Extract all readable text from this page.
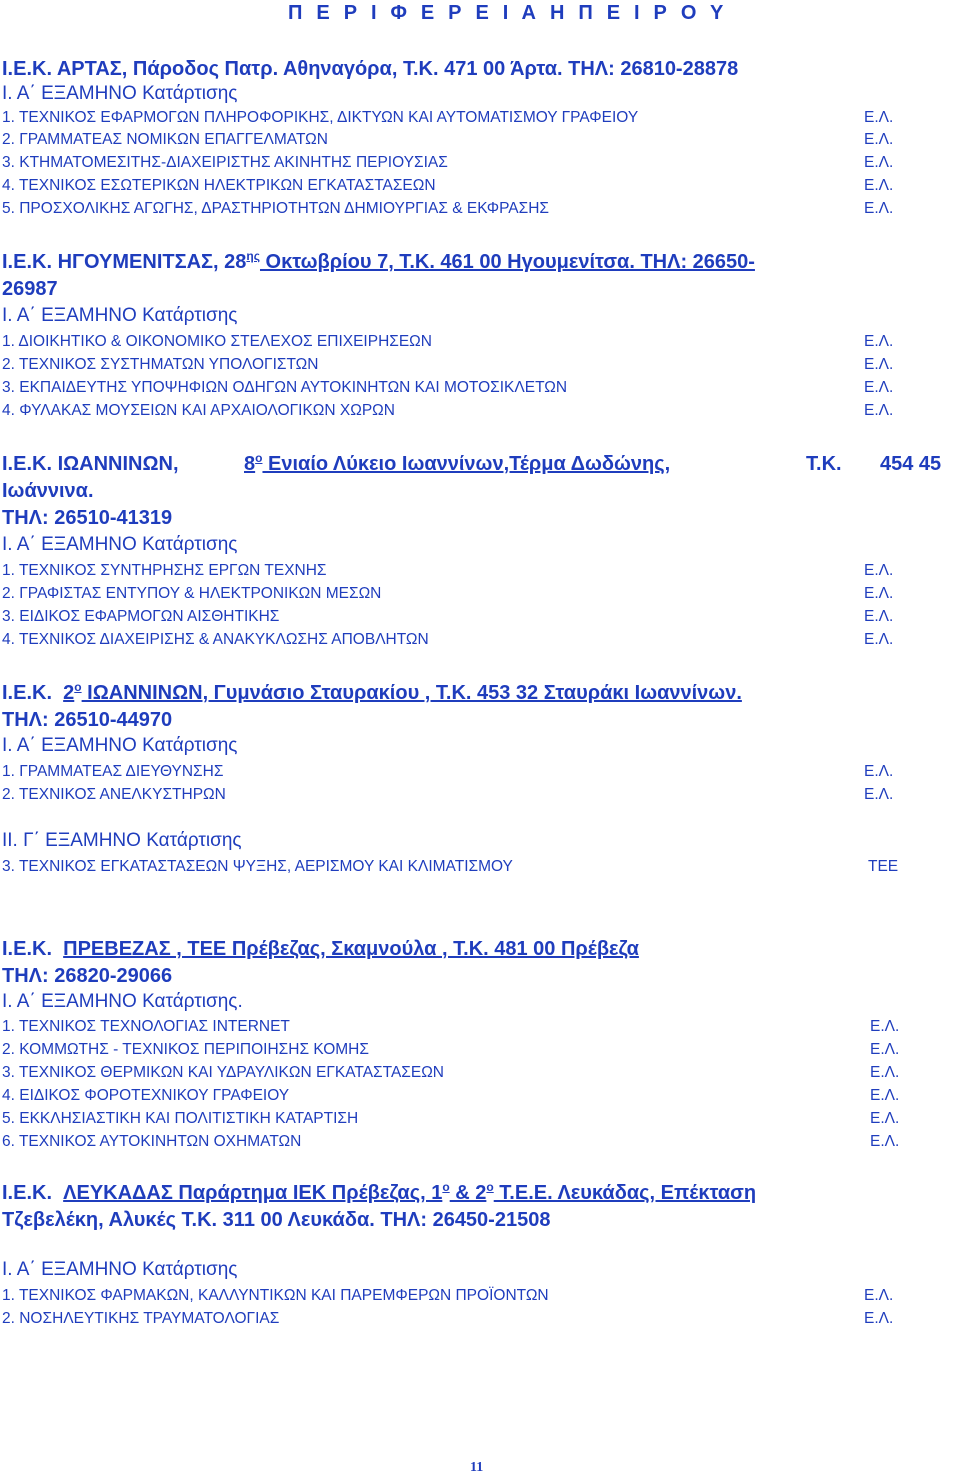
Π Ε Ρ Ι Φ Ε Ρ Ε Ι Α Η Π Ε Ι Ρ Ο Υ
Ι.Ε.Κ. ΑΡΤΑΣ, Πάροδος Πατρ. Αθηναγόρα, Τ.Κ. 471 00 Άρτα. ΤΗΛ: 26810-28878
Ι. Α΄ ΕΞΑΜΗΝΟ Κατάρτισης
1. ΤΕΧΝΙΚΟΣ ΕΦΑΡΜΟΓΩΝ ΠΛΗΡΟΦΟΡΙΚΗΣ, ΔΙΚΤΥΩΝ ΚΑΙ ΑΥΤΟΜΑΤΙΣΜΟΥ ΓΡΑΦΕΙΟΥ	Ε.Λ.
2. ΓΡΑΜΜΑΤΕΑΣ ΝΟΜΙΚΩΝ ΕΠΑΓΓΕΛΜΑΤΩΝ	Ε.Λ.
3. ΚΤΗΜΑΤΟΜΕΣΙΤΗΣ-ΔΙΑΧΕΙΡΙΣΤΗΣ ΑΚΙΝΗΤΗΣ ΠΕΡΙΟΥΣΙΑΣ	Ε.Λ.
4. ΤΕΧΝΙΚΟΣ ΕΣΩΤΕΡΙΚΩΝ ΗΛΕΚΤΡΙΚΩΝ ΕΓΚΑΤΑΣΤΑΣΕΩΝ	Ε.Λ.
5. ΠΡΟΣΧΟΛΙΚΗΣ ΑΓΩΓΗΣ, ΔΡΑΣΤΗΡΙΟΤΗΤΩΝ ΔΗΜΙΟΥΡΓΙΑΣ & ΕΚΦΡΑΣΗΣ	Ε.Λ.
Ι.Ε.Κ. ΗΓΟΥΜΕΝΙΤΣΑΣ, $28^{\eta\varsigma}$ Οκτωβρίου 7, Τ.Κ. 461 00 Ηγουμενίτσα. ΤΗΛ: 26650-
26987
Ι. Α΄ ΕΞΑΜΗΝΟ Κατάρτισης
1. ΔΙΟΙΚΗΤΙΚΟ & ΟΙΚΟΝΟΜΙΚΟ ΣΤΕΛΕΧΟΣ ΕΠΙΧΕΙΡΗΣΕΩΝ	Ε.Λ.
2. ΤΕΧΝΙΚΟΣ ΣΥΣΤΗΜΑΤΩΝ ΥΠΟΛΟΓΙΣΤΩΝ	Ε.Λ.
3. ΕΚΠΑΙΔΕΥΤΗΣ ΥΠΟΨΗΦΙΩΝ ΟΔΗΓΩΝ ΑΥΤΟΚΙΝΗΤΩΝ ΚΑΙ ΜΟΤΟΣΙΚΛΕΤΩΝ	Ε.Λ.
4. ΦΥΛΑΚΑΣ ΜΟΥΣΕΙΩΝ ΚΑΙ ΑΡΧΑΙΟΛΟΓΙΚΩΝ ΧΩΡΩΝ	Ε.Λ.
Ι.Ε.Κ. ΙΩΑΝΝΙΝΩΝ,	$8^o$ Ενιαίο Λύκειο Ιωαννίνων,Τέρμα Δωδώνης,	Τ.Κ. 454 45
Ιωάννινα.
ΤΗΛ: 26510-41319
Ι. Α΄ ΕΞΑΜΗΝΟ Κατάρτισης
1. ΤΕΧΝΙΚΟΣ ΣΥΝΤΗΡΗΣΗΣ ΕΡΓΩΝ ΤΕΧΝΗΣ	Ε.Λ.
2. ΓΡΑΦΙΣΤΑΣ ΕΝΤΥΠΟΥ & ΗΛΕΚΤΡΟΝΙΚΩΝ ΜΕΣΩΝ	Ε.Λ.
3. ΕΙΔΙΚΟΣ ΕΦΑΡΜΟΓΩΝ ΑΙΣΘΗΤΙΚΗΣ	Ε.Λ.
4. ΤΕΧΝΙΚΟΣ ΔΙΑΧΕΙΡΙΣΗΣ & ΑΝΑΚΥΚΛΩΣΗΣ ΑΠΟΒΛΗΤΩΝ	Ε.Λ.
Ι.Ε.Κ. $2^o$ ΙΩΑΝΝΙΝΩΝ, Γυμνάσιο Σταυρακίου , Τ.Κ. 453 32 Σταυράκι Ιωαννίνων.
ΤΗΛ: 26510-44970
Ι. Α΄ ΕΞΑΜΗΝΟ Κατάρτισης
1. ΓΡΑΜΜΑΤΕΑΣ ΔΙΕΥΘΥΝΣΗΣ	Ε.Λ.
2. ΤΕΧΝΙΚΟΣ ΑΝΕΛΚΥΣΤΗΡΩΝ	Ε.Λ.
ΙΙ. Γ΄ ΕΞΑΜΗΝΟ Κατάρτισης
3. ΤΕΧΝΙΚΟΣ ΕΓΚΑΤΑΣΤΑΣΕΩΝ ΨΥΞΗΣ, ΑΕΡΙΣΜΟΥ ΚΑΙ ΚΛΙΜΑΤΙΣΜΟΥ	ΤΕΕ
Ι.Ε.Κ. ΠΡΕΒΕΖΑΣ , ΤΕΕ Πρέβεζας, Σκαμνούλα , Τ.Κ. 481 00 Πρέβεζα
ΤΗΛ: 26820-29066
Ι. Α΄ ΕΞΑΜΗΝΟ Κατάρτισης.
1. ΤΕΧΝΙΚΟΣ ΤΕΧΝΟΛΟΓΙΑΣ INTERNET	Ε.Λ.
2. ΚΟΜΜΩΤΗΣ - ΤΕΧΝΙΚΟΣ ΠΕΡΙΠΟΙΗΣΗΣ ΚΟΜΗΣ	Ε.Λ.
3. ΤΕΧΝΙΚΟΣ ΘΕΡΜΙΚΩΝ ΚΑΙ ΥΔΡΑΥΛΙΚΩΝ ΕΓΚΑΤΑΣΤΑΣΕΩΝ	Ε.Λ.
4. ΕΙΔΙΚΟΣ ΦΟΡΟΤΕΧΝΙΚΟΥ ΓΡΑΦΕΙΟΥ	Ε.Λ.
5. ΕΚΚΛΗΣΙΑΣΤΙΚΗ ΚΑΙ ΠΟΛΙΤΙΣΤΙΚΗ ΚΑΤΑΡΤΙΣΗ	Ε.Λ.
6. ΤΕΧΝΙΚΟΣ ΑΥΤΟΚΙΝΗΤΩΝ ΟΧΗΜΑΤΩΝ	Ε.Λ.
Ι.Ε.Κ. ΛΕΥΚΑΔΑΣ Παράρτημα ΙΕΚ Πρέβεζας, $1^o$ & $2^o$ Τ.Ε.Ε. Λευκάδας, Επέκταση
Τζεβελέκη, Αλυκές Τ.Κ. 311 00 Λευκάδα. ΤΗΛ: 26450-21508
Ι. Α΄ ΕΞΑΜΗΝΟ Κατάρτισης
1. ΤΕΧΝΙΚΟΣ ΦΑΡΜΑΚΩΝ, ΚΑΛΛΥΝΤΙΚΩΝ ΚΑΙ ΠΑΡΕΜΦΕΡΩΝ ΠΡΟΪΟΝΤΩΝ	Ε.Λ.
2. ΝΟΣΗΛΕΥΤΙΚΗΣ ΤΡΑΥΜΑΤΟΛΟΓΙΑΣ	Ε.Λ.
11
